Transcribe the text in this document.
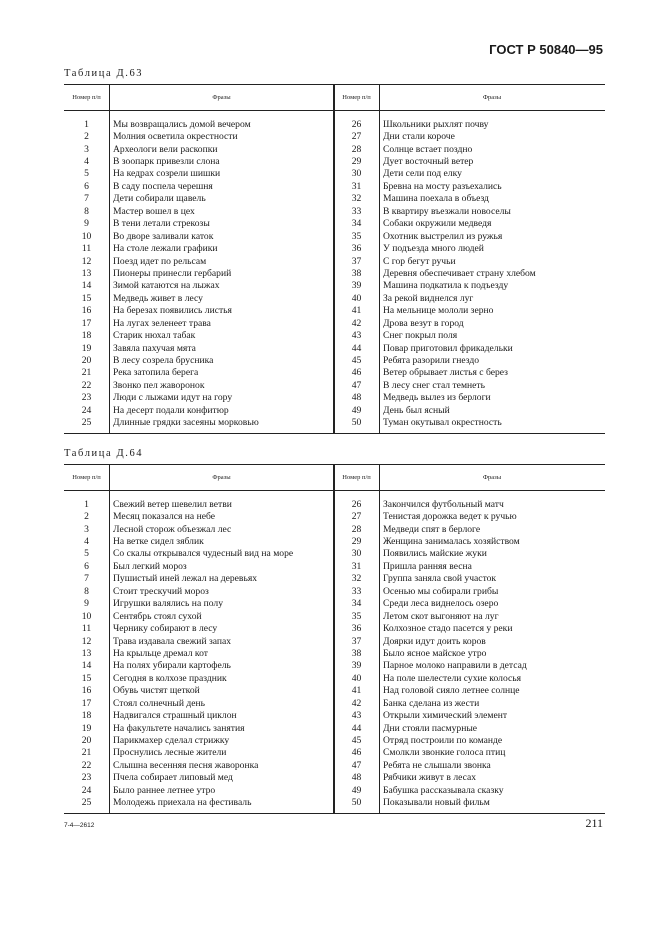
ГОСТ Р 50840—95
Таблица Д.63
Номер п/п	Фразы	Номер п/п	Фразы
1	Мы возвращались домой вечером	26	Школьники рыхлят почву
2	Молния осветила окрестности	27	Дни стали короче
3	Археологи вели раскопки	28	Солнце встает поздно
4	В зоопарк привезли слона	29	Дует восточный ветер
5	На кедрах созрели шишки	30	Дети сели под елку
6	В саду поспела черешня	31	Бревна на мосту разъехались
7	Дети собирали щавель	32	Машина поехала в объезд
8	Мастер вошел в цех	33	В квартиру въезжали новоселы
9	В тени летали стрекозы	34	Собаки окружили медведя
10	Во дворе заливали каток	35	Охотник выстрелил из ружья
11	На столе лежали графики	36	У подъезда много людей
12	Поезд идет по рельсам	37	С гор бегут ручьи
13	Пионеры принесли гербарий	38	Деревня обеспечивает страну хлебом
14	Зимой катаются на лыжах	39	Машина подкатила к подъезду
15	Медведь живет в лесу	40	За рекой виднелся луг
16	На березах появились листья	41	На мельнице мололи зерно
17	На лугах зеленеет трава	42	Дрова везут в город
18	Старик нюхал табак	43	Снег покрыл поля
19	Завяла пахучая мята	44	Повар приготовил фрикадельки
20	В лесу созрела брусника	45	Ребята разорили гнездо
21	Река затопила берега	46	Ветер обрывает листья с берез
22	Звонко пел жаворонок	47	В лесу снег стал темнеть
23	Люди с лыжами идут на гору	48	Медведь вылез из берлоги
24	На десерт подали конфитюр	49	День был ясный
25	Длинные грядки засеяны морковью	50	Туман окутывал окрестность
Таблица Д.64
Номер п/п	Фразы	Номер п/п	Фразы
1	Свежий ветер шевелил ветви	26	Закончился футбольный матч
2	Месяц показался на небе	27	Тенистая дорожка ведет к ручью
3	Лесной сторож объезжал лес	28	Медведи спят в берлоге
4	На ветке сидел зяблик	29	Женщина занималась хозяйством
5	Со скалы открывался чудесный вид на море	30	Появились майские жуки
6	Был легкий мороз	31	Пришла ранняя весна
7	Пушистый иней лежал на деревьях	32	Группа заняла свой участок
8	Стоит трескучий мороз	33	Осенью мы собирали грибы
9	Игрушки валялись на полу	34	Среди леса виднелось озеро
10	Сентябрь стоял сухой	35	Летом скот выгоняют на луг
11	Чернику собирают в лесу	36	Колхозное стадо пасется у реки
12	Трава издавала свежий запах	37	Доярки идут доить коров
13	На крыльце дремал кот	38	Было ясное майское утро
14	На полях убирали картофель	39	Парное молоко направили в детсад
15	Сегодня в колхозе праздник	40	На поле шелестели сухие колосья
16	Обувь чистят щеткой	41	Над головой сияло летнее солнце
17	Стоял солнечный день	42	Банка сделана из жести
18	Надвигался страшный циклон	43	Открыли химический элемент
19	На факультете начались занятия	44	Дни стояли пасмурные
20	Парикмахер сделал стрижку	45	Отряд построили по команде
21	Проснулись лесные жители	46	Смолкли звонкие голоса птиц
22	Слышна весенняя песня жаворонка	47	Ребята не слышали звонка
23	Пчела собирает липовый мед	48	Рябчики живут в лесах
24	Было раннее летнее утро	49	Бабушка рассказывала сказку
25	Молодежь приехала на фестиваль	50	Показывали новый фильм
7-4—2612	211
